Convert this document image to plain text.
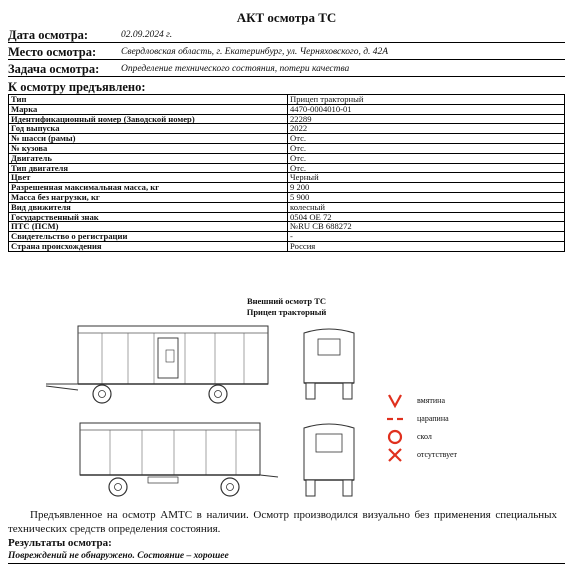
АКТ осмотра ТС
Дата осмотра:	02.09.2024 г.
Место осмотра:	Свердловская область, г. Екатеринбург, ул. Черняховского, д. 42А
Задача осмотра:	Определение технического состояния, потери качества
К осмотру предъявлено:
Тип	Прицеп тракторный
Марка	4470-0004010-01
Идентификационный номер (Заводской номер)	22289
Год выпуска	2022
№ шасси (рамы)	Отс.
№ кузова	Отс.
Двигатель	Отс.
Тип двигателя	Отс.
Цвет	Черный
Разрешенная максимальная масса, кг	9 200
Масса без нагрузки, кг	5 900
Вид движителя	колесный
Государственный знак	0504 ОЕ 72
ПТС (ПСМ)	№RU CB 688272
Свидетельство о регистрации	-
Страна происхождения	Россия
Внешний осмотр ТС
Прицеп тракторный
вмятина
царапина
скол
отсутствует
Предъявленное на осмотр АМТС в наличии. Осмотр производился визуально без применения специальных технических средств определения состояния.
Результаты осмотра:
Повреждений не обнаружено. Состояние – хорошее
